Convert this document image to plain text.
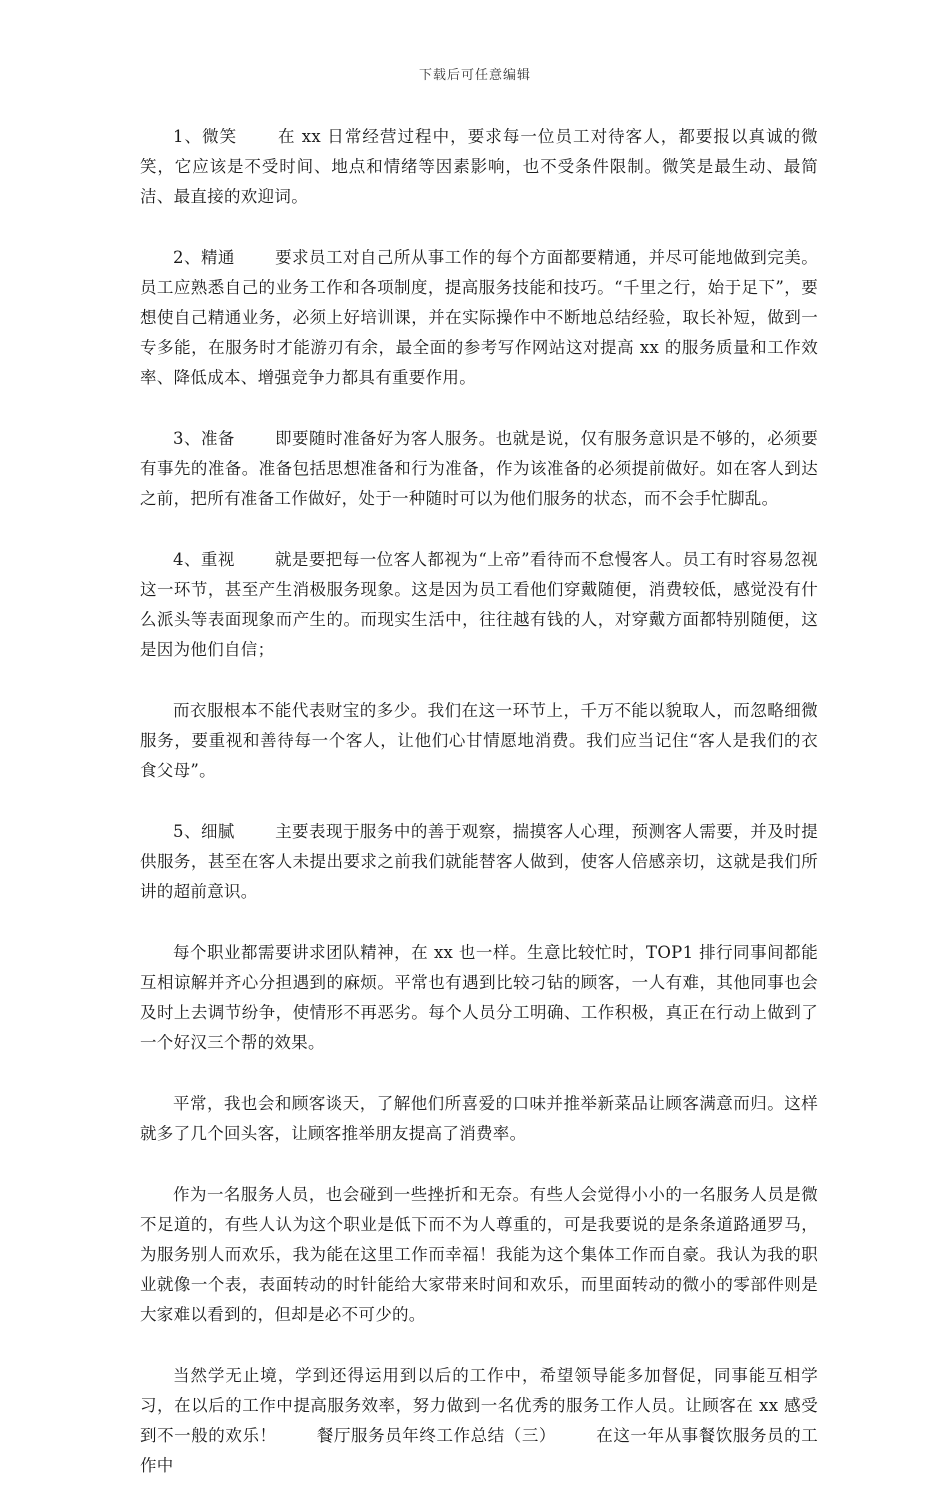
下载后可任意编辑

1、微笑 在 xx 日常经营过程中，要求每一位员工对待客人，都要报以真诚的微笑，它应该是不受时间、地点和情绪等因素影响，也不受条件限制。微笑是最生动、最简洁、最直接的欢迎词。

2、精通 要求员工对自己所从事工作的每个方面都要精通，并尽可能地做到完美。员工应熟悉自己的业务工作和各项制度，提高服务技能和技巧。“千里之行，始于足下”，要想使自己精通业务，必须上好培训课，并在实际操作中不断地总结经验，取长补短，做到一专多能，在服务时才能游刃有余，最全面的参考写作网站这对提高 xx 的服务质量和工作效率、降低成本、增强竞争力都具有重要作用。

3、准备 即要随时准备好为客人服务。也就是说，仅有服务意识是不够的，必须要有事先的准备。准备包括思想准备和行为准备，作为该准备的必须提前做好。如在客人到达之前，把所有准备工作做好，处于一种随时可以为他们服务的状态，而不会手忙脚乱。

4、重视 就是要把每一位客人都视为“上帝”看待而不怠慢客人。员工有时容易忽视这一环节，甚至产生消极服务现象。这是因为员工看他们穿戴随便，消费较低，感觉没有什么派头等表面现象而产生的。而现实生活中，往往越有钱的人，对穿戴方面都特别随便，这是因为他们自信；

而衣服根本不能代表财宝的多少。我们在这一环节上，千万不能以貌取人，而忽略细微服务，要重视和善待每一个客人，让他们心甘情愿地消费。我们应当记住“客人是我们的衣食父母”。

5、细腻 主要表现于服务中的善于观察，揣摸客人心理，预测客人需要，并及时提供服务，甚至在客人未提出要求之前我们就能替客人做到，使客人倍感亲切，这就是我们所讲的超前意识。

每个职业都需要讲求团队精神，在 xx 也一样。生意比较忙时，TOP1 排行同事间都能互相谅解并齐心分担遇到的麻烦。平常也有遇到比较刁钻的顾客，一人有难，其他同事也会及时上去调节纷争，使情形不再恶劣。每个人员分工明确、工作积极，真正在行动上做到了一个好汉三个帮的效果。

平常，我也会和顾客谈天，了解他们所喜爱的口味并推举新菜品让顾客满意而归。这样就多了几个回头客，让顾客推举朋友提高了消费率。

作为一名服务人员，也会碰到一些挫折和无奈。有些人会觉得小小的一名服务人员是微不足道的，有些人认为这个职业是低下而不为人尊重的，可是我要说的是条条道路通罗马，为服务别人而欢乐，我为能在这里工作而幸福！我能为这个集体工作而自豪。我认为我的职业就像一个表，表面转动的时针能给大家带来时间和欢乐，而里面转动的微小的零部件则是大家难以看到的，但却是必不可少的。

当然学无止境，学到还得运用到以后的工作中，希望领导能多加督促，同事能互相学习，在以后的工作中提高服务效率，努力做到一名优秀的服务工作人员。让顾客在 xx 感受到不一般的欢乐！ 餐厅服务员年终工作总结（三） 在这一年从事餐饮服务员的工作中
